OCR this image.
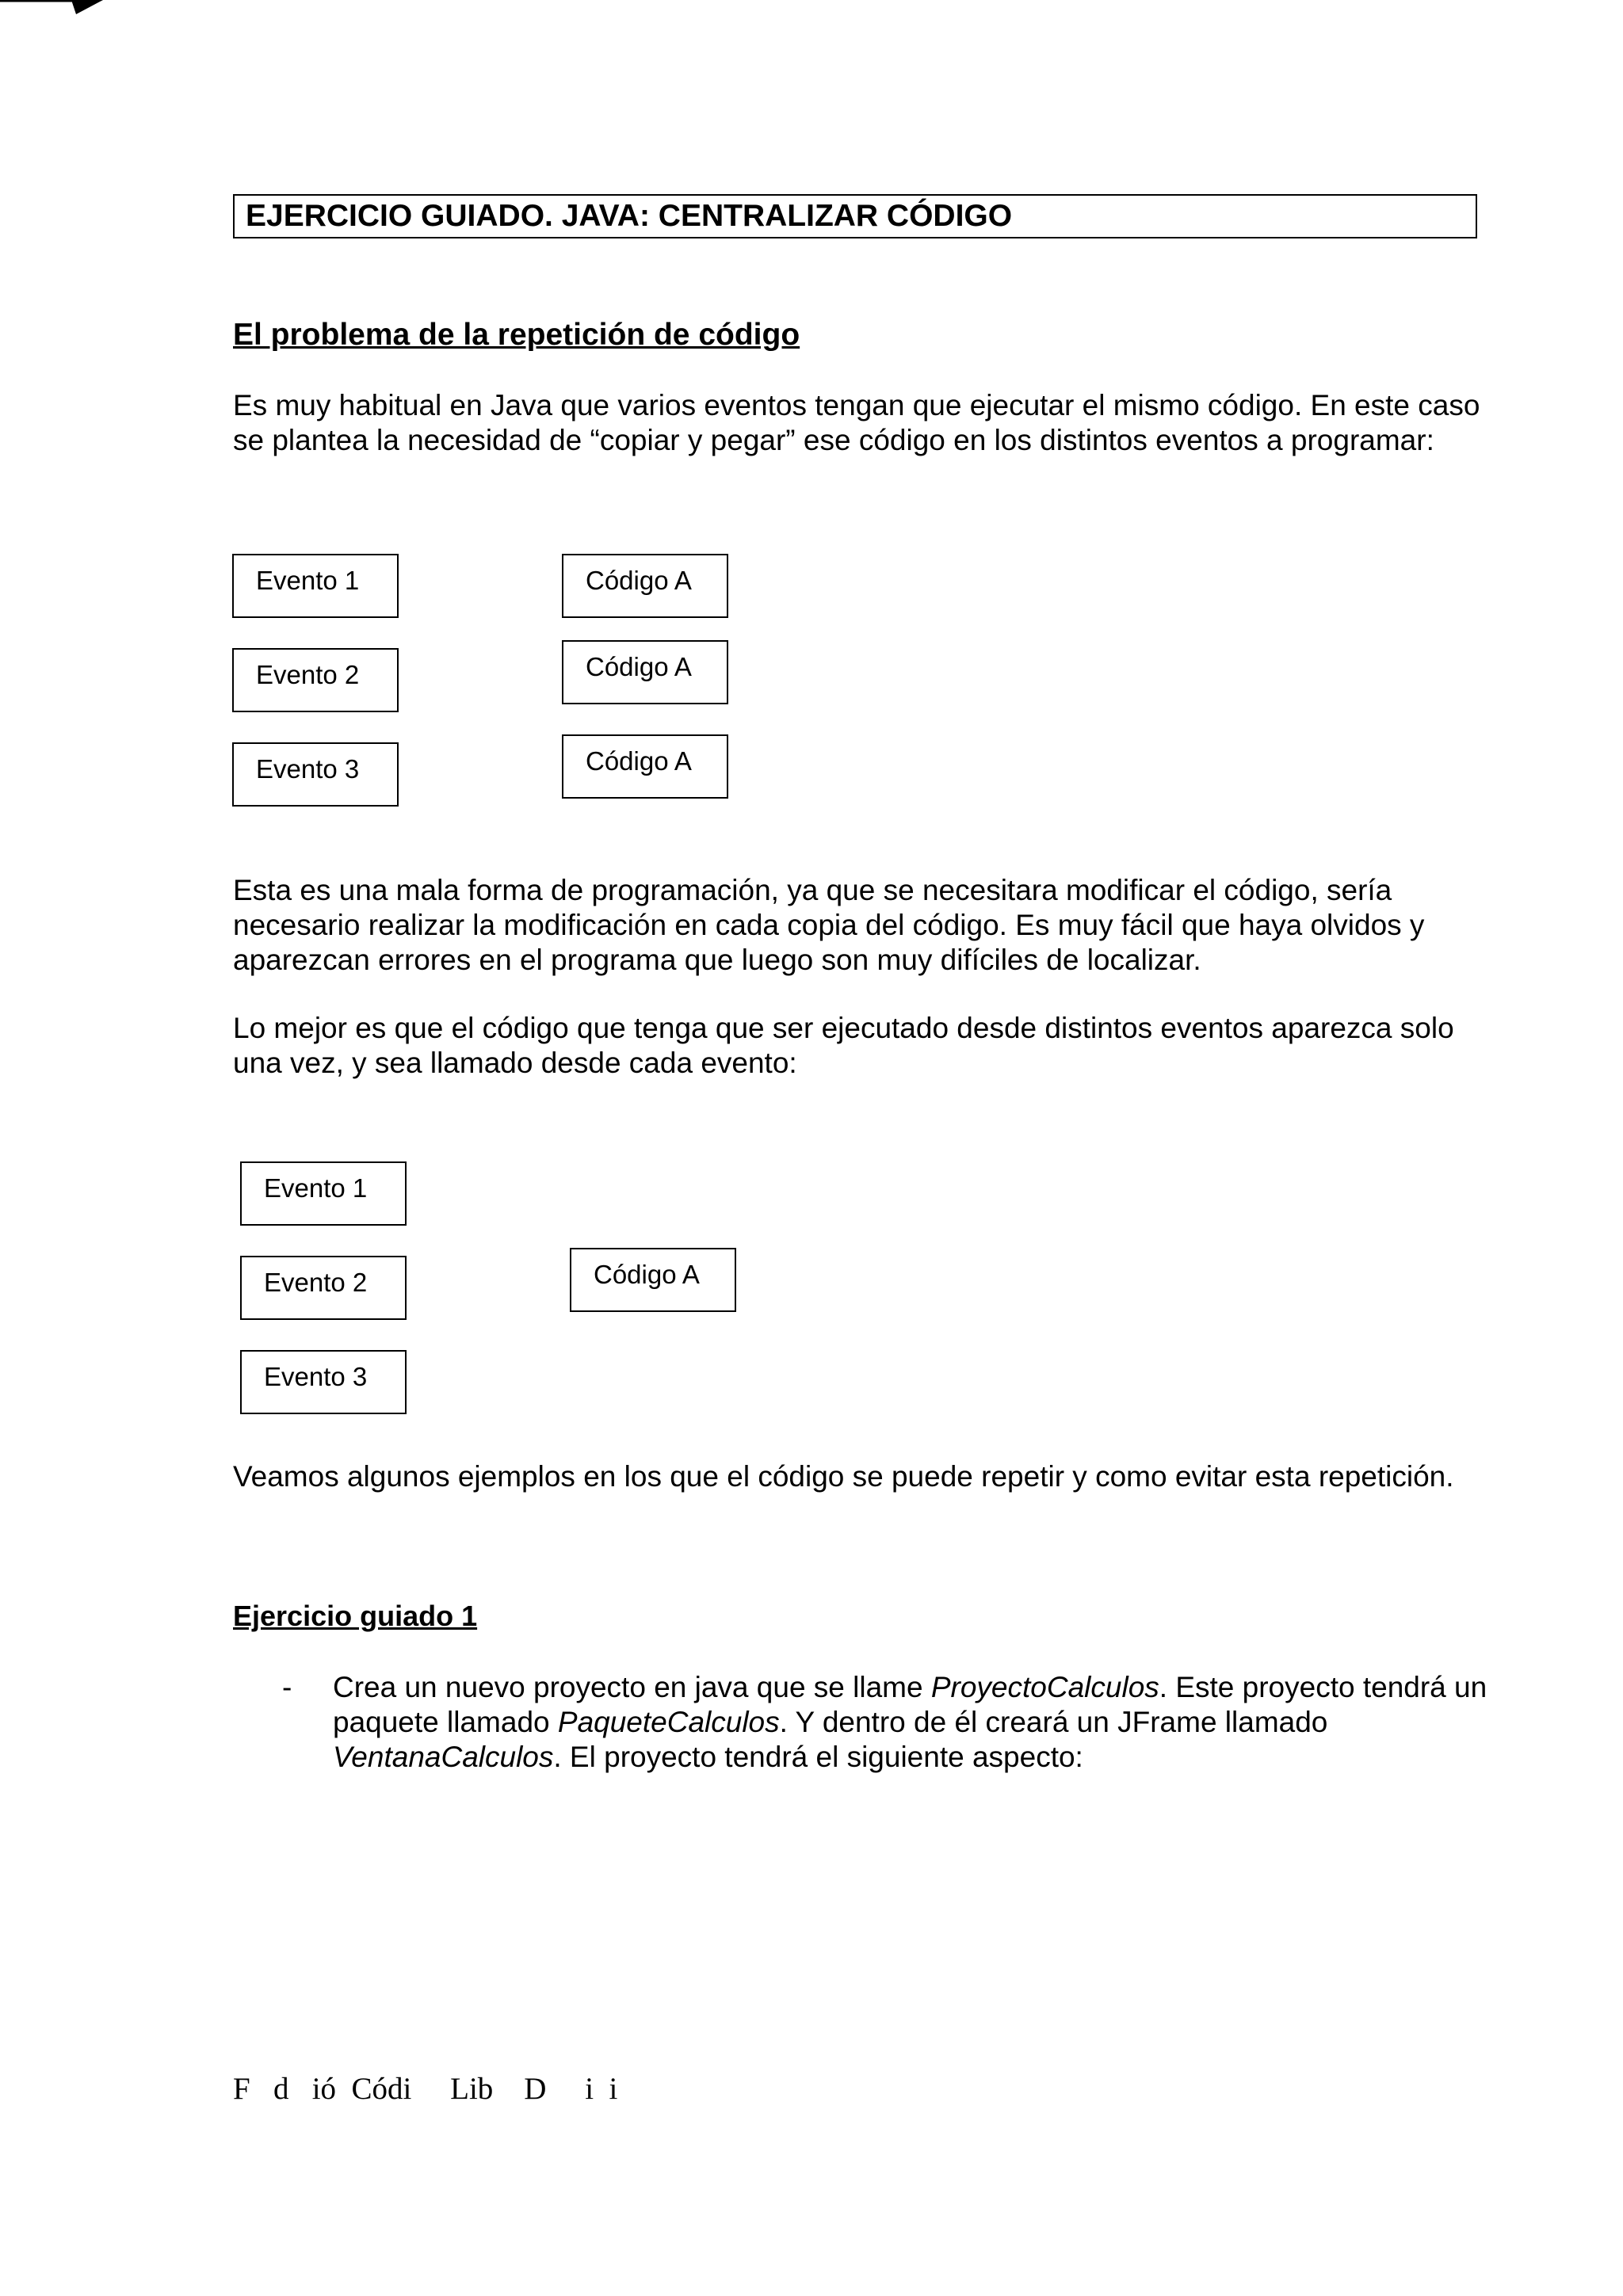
EJERCICIO GUIADO. JAVA: CENTRALIZAR CÓDIGO
El problema de la repetición de código

Es muy habitual en Java que varios eventos tengan que ejecutar el mismo código. En este caso se plantea la necesidad de “copiar y pegar” ese código en los distintos eventos a programar:

Evento 1
Evento 2
Evento 3
Código A
Código A
Código A

Esta es una mala forma de programación, ya que se necesitara modificar el código, sería necesario realizar la modificación en cada copia del código. Es muy fácil que haya olvidos y aparezcan errores en el programa que luego son muy difíciles de localizar.

Lo mejor es que el código que tenga que ser ejecutado desde distintos eventos aparezca solo una vez, y sea llamado desde cada evento:

Evento 1
Evento 2
Evento 3
Código A

Veamos algunos ejemplos en los que el código se puede repetir y como evitar esta repetición.

Ejercicio guiado 1
- Crea un nuevo proyecto en java que se llame ProyectoCalculos. Este proyecto tendrá un paquete llamado PaqueteCalculos. Y dentro de él creará un JFrame llamado VentanaCalculos. El proyecto tendrá el siguiente aspecto:

F   d   ió  Códi     Lib    D     i  i
